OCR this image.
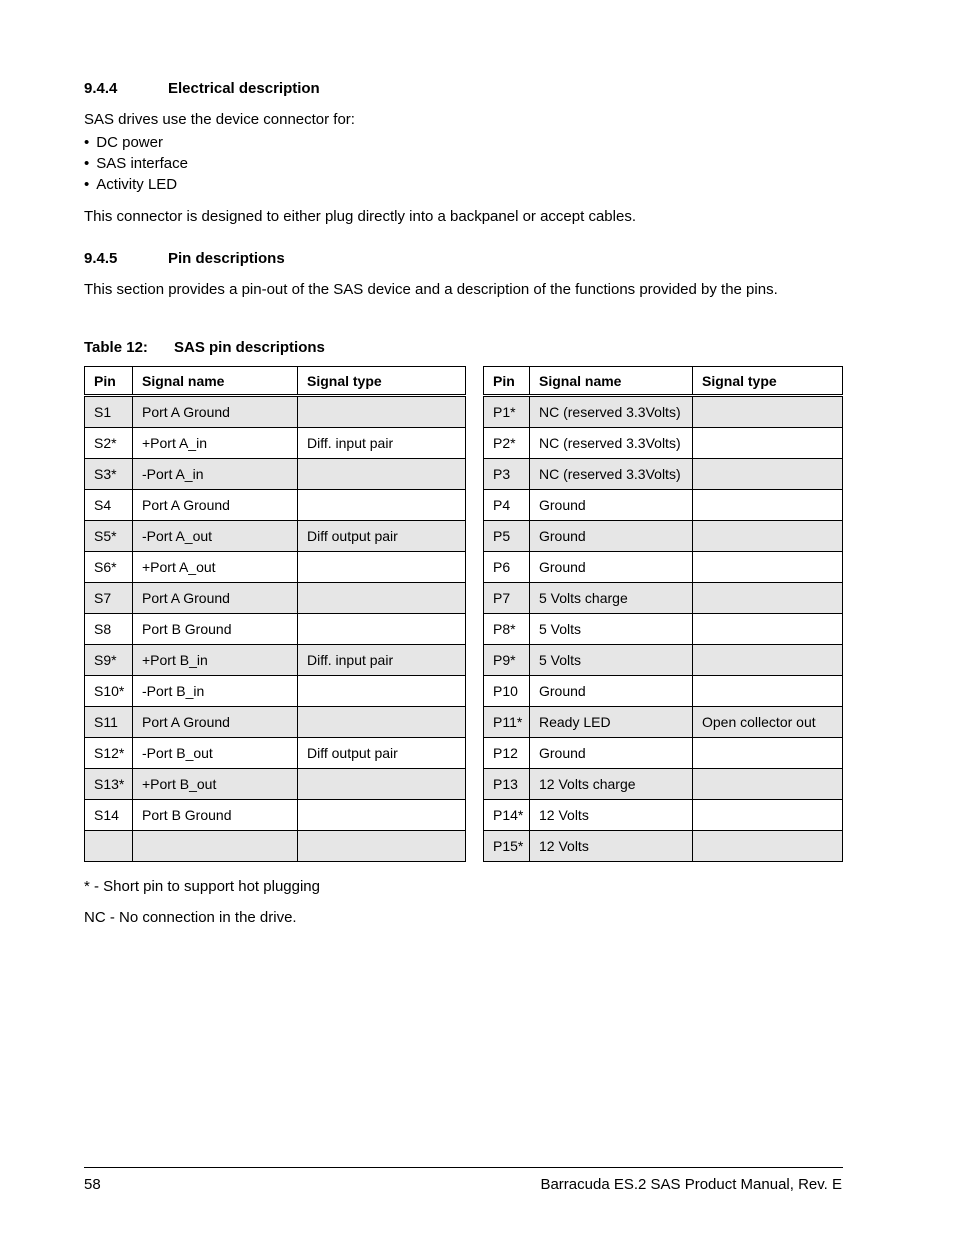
9.4.4	Electrical description
SAS drives use the device connector for:
• DC power
• SAS interface
• Activity LED
This connector is designed to either plug directly into a backpanel or accept cables.
9.4.5	Pin descriptions
This section provides a pin-out of the SAS device and a description of the functions provided by the pins.
Table 12: SAS pin descriptions
Pin	Signal name	Signal type
S1	Port A Ground	
S2*	+Port A_in	Diff. input pair
S3*	-Port A_in	
S4	Port A Ground	
S5*	-Port A_out	Diff output pair
S6*	+Port A_out	
S7	Port A Ground	
S8	Port B Ground	
S9*	+Port B_in	Diff. input pair
S10*	-Port B_in	
S11	Port A Ground	
S12*	-Port B_out	Diff output pair
S13*	+Port B_out	
S14	Port B Ground	

Pin	Signal name	Signal type
P1*	NC (reserved 3.3Volts)	
P2*	NC (reserved 3.3Volts)	
P3	NC (reserved 3.3Volts)	
P4	Ground	
P5	Ground	
P6	Ground	
P7	5 Volts charge	
P8*	5 Volts	
P9*	5 Volts	
P10	Ground	
P11*	Ready LED	Open collector out
P12	Ground	
P13	12 Volts charge	
P14*	12 Volts	
P15*	12 Volts	
* - Short pin to support hot plugging
NC - No connection in the drive.
58	Barracuda ES.2 SAS Product Manual, Rev. E
